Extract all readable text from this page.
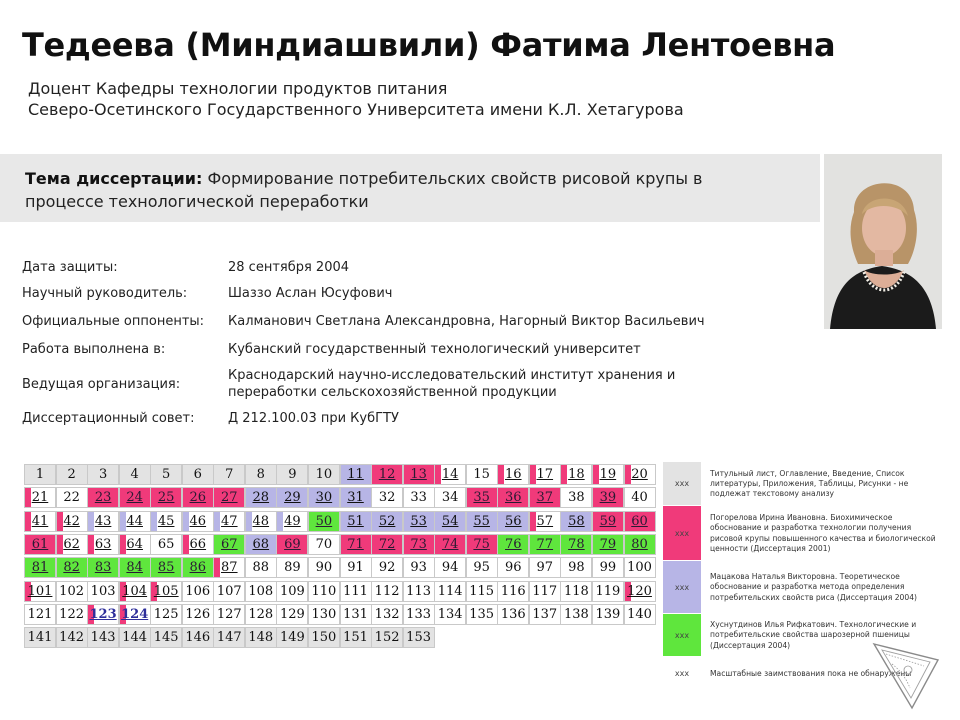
Тедеева (Миндиашвили) Фатима Лентоевна
Доцент Кафедры технологии продуктов питания
Северо-Осетинского Государственного Университета имени К.Л. Хетагурова
Тема диссертации: Формирование потребительских свойств рисовой крупы в процессе технологической переработки
Дата защиты:	28 сентября 2004
Научный руководитель:	Шаззо Аслан Юсуфович
Официальные оппоненты:	Калманович Светлана Александровна, Нагорный Виктор Васильевич
Работа выполнена в:	Кубанский государственный технологический университет
Ведущая организация:
Краснодарский научно-исследовательский институт хранения и переработки сельскохозяйственной продукции
Диссертационный совет:	Д 212.100.03 при КубГТУ
1	2	3	4	5	6	7	8	9	10	11	12	13	14	15	16	17	18	19	20
21	22	23	24	25	26	27	28	29	30	31	32	33	34	35	36	37	38	39	40
41	42	43	44	45	46	47	48	49	50	51	52	53	54	55	56	57	58	59	60
61	62	63	64	65	66	67	68	69	70	71	72	73	74	75	76	77	78	79	80
81	82	83	84	85	86	87	88	89	90	91	92	93	94	95	96	97	98	99 100
101 102 103 104 105 106 107 108 109 110 111 112 113 114 115 116 117 118 119 120
121 122 123 124 125 126 127 128 129 130 131 132 133 134 135 136 137 138 139 140
141 142 143 144 145 146 147 148 149 150 151 152 153
xxx
Титульный лист, Оглавление, Введение, Список литературы, Приложения, Таблицы, Рисунки - не подлежат текстовому анализу
xxx
Погорелова Ирина Ивановна. Биохимическое обоснование и разработка технологии получения рисовой крупы повышенного качества и биологической ценности (Диссертация 2001)
xxx
Мацакова Наталья Викторовна. Теоретическое обоснование и разработка метода определения потребительских свойств риса (Диссертация 2004)
xxx
Хуснутдинов Илья Рифкатович. Технологические и потребительские свойства шарозерной пшеницы (Диссертация 2004)
xxx	Масштабные заимствования пока не обнаружены
